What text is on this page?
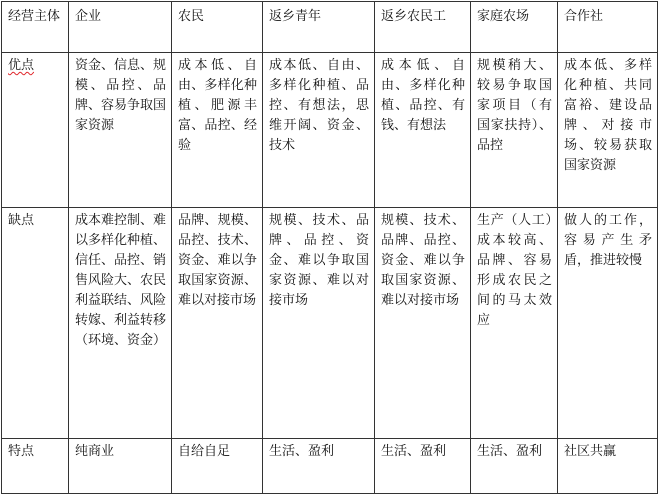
经营主体	企业	农民	返乡青年	返乡农民工	家庭农场	合作社
优点	资金、信息、规模、品控、品牌、容易争取国家资源	成本低、自由、多样化种植、肥源丰富、品控、经验	成本低、自由、多样化种植、品控、有想法，思维开阔、资金、技术	成本低、自由、多样化种植、品控、有钱、有想法	规模稍大、较易争取国家项目（有国家扶持）、品控	成本低、多样化种植、共同富裕、建设品牌、对接市场、较易获取国家资源
缺点	成本难控制、难以多样化种植、信任、品控、销售风险大、农民利益联结、风险转嫁、利益转移（环境、资金）	品牌、规模、品控、技术、资金、难以争取国家资源、难以对接市场	规模、技术、品牌、品控、资金、难以争取国家资源、难以对接市场	规模、技术、品牌、品控、资金、难以争取国家资源、难以对接市场	生产（人工）成本较高、品牌、容易形成农民之间的马太效应	做人的工作，容易产生矛盾，推进较慢
特点	纯商业	自给自足	生活、盈利	生活、盈利	生活、盈利	社区共赢
